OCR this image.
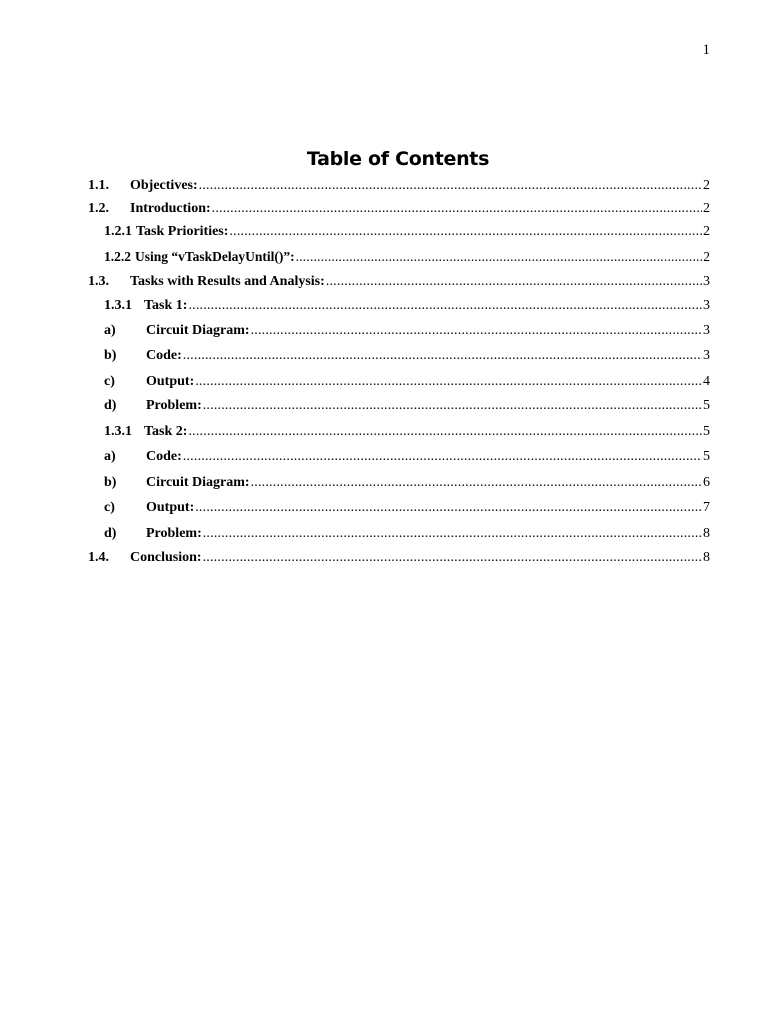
1
Table of Contents
1.1.	Objectives: .....	2
1.2.	Introduction: .....	2
1.2.1 Task Priorities: .....	2
1.2.2 Using “vTaskDelayUntil()”: .....	2
1.3.	Tasks with Results and Analysis: .....	3
1.3.1 Task 1: .....	3
a)	Circuit Diagram: .....	3
b)	Code: .....	3
c)	Output: .....	4
d)	Problem: .....	5
1.3.1 Task 2: .....	5
a)	Code: .....	5
b)	Circuit Diagram: .....	6
c)	Output: .....	7
d)	Problem: .....	8
1.4.	Conclusion: .....	8
